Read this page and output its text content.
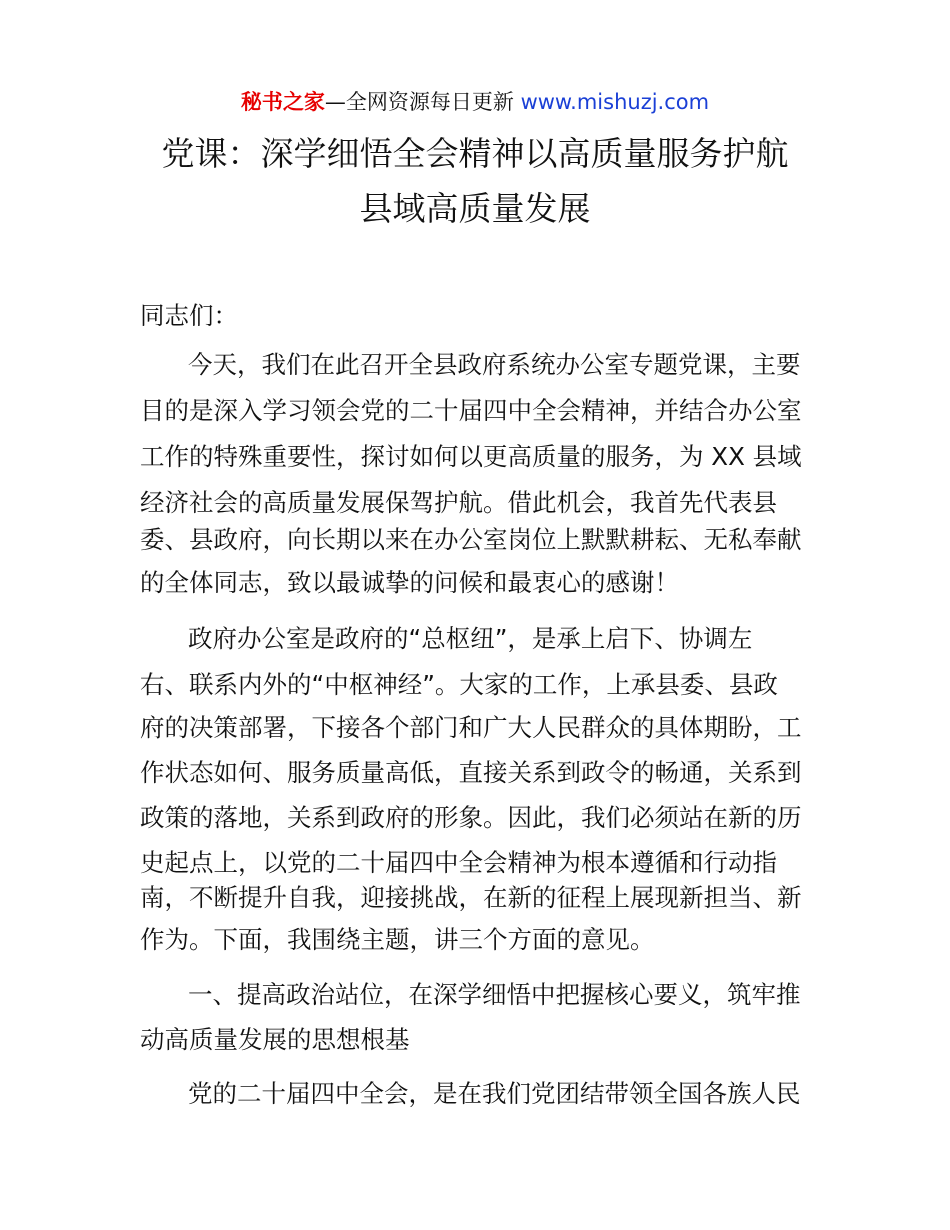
秘书之家—全网资源每日更新 www.mishuzj.com
党课：深学细悟全会精神以高质量服务护航
县域高质量发展

同志们：

今天，我们在此召开全县政府系统办公室专题党课，主要

目的是深入学习领会党的二十届四中全会精神，并结合办公室

工作的特殊重要性，探讨如何以更高质量的服务，为 XX 县域

经济社会的高质量发展保驾护航。借此机会，我首先代表县

委、县政府，向长期以来在办公室岗位上默默耕耘、无私奉献

的全体同志，致以最诚挚的问候和最衷心的感谢！

政府办公室是政府的“总枢纽”，是承上启下、协调左

右、联系内外的“中枢神经”。大家的工作，上承县委、县政

府的决策部署，下接各个部门和广大人民群众的具体期盼，工

作状态如何、服务质量高低，直接关系到政令的畅通，关系到

政策的落地，关系到政府的形象。因此，我们必须站在新的历

史起点上，以党的二十届四中全会精神为根本遵循和行动指

南，不断提升自我，迎接挑战，在新的征程上展现新担当、新

作为。下面，我围绕主题，讲三个方面的意见。

一、提高政治站位，在深学细悟中把握核心要义，筑牢推

动高质量发展的思想根基

党的二十届四中全会，是在我们党团结带领全国各族人民
